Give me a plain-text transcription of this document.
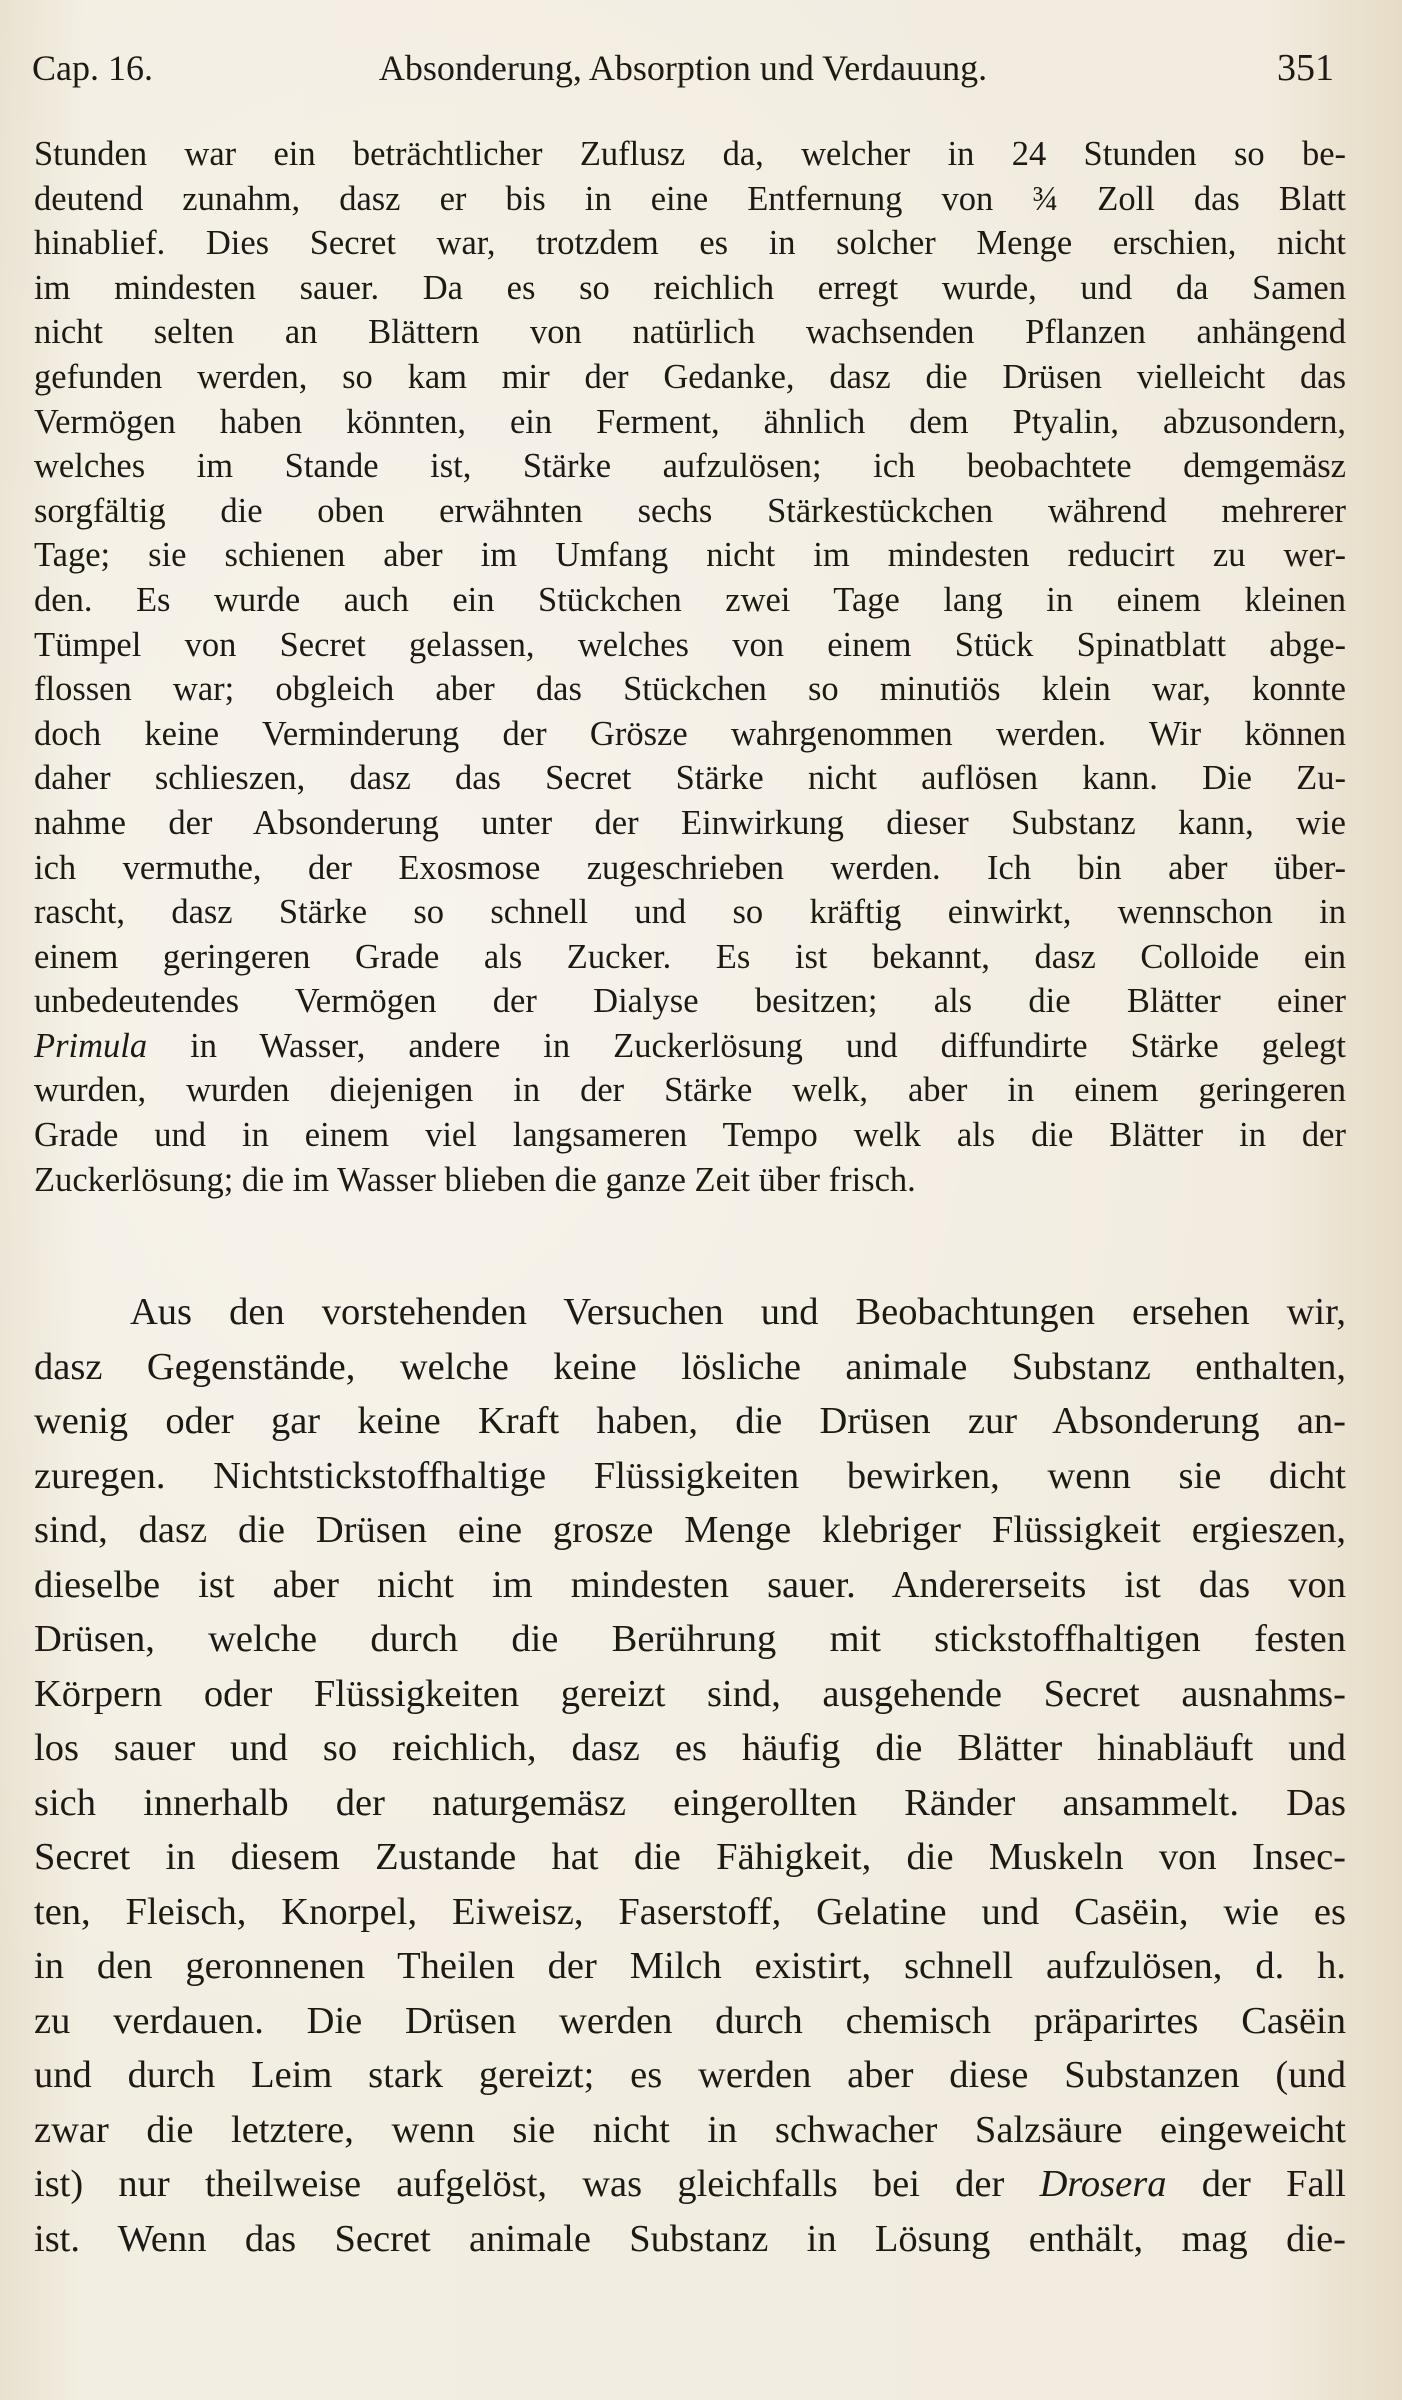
Cap. 16.	Absonderung, Absorption und Verdauung.	351
Stunden war ein beträchtlicher Zuflusz da, welcher in 24 Stunden so be-
deutend zunahm, dasz er bis in eine Entfernung von ¾ Zoll das Blatt
hinablief. Dies Secret war, trotzdem es in solcher Menge erschien, nicht
im mindesten sauer. Da es so reichlich erregt wurde, und da Samen
nicht selten an Blättern von natürlich wachsenden Pflanzen anhängend
gefunden werden, so kam mir der Gedanke, dasz die Drüsen vielleicht das
Vermögen haben könnten, ein Ferment, ähnlich dem Ptyalin, abzusondern,
welches im Stande ist, Stärke aufzulösen; ich beobachtete demgemäsz
sorgfältig die oben erwähnten sechs Stärkestückchen während mehrerer
Tage; sie schienen aber im Umfang nicht im mindesten reducirt zu wer-
den. Es wurde auch ein Stückchen zwei Tage lang in einem kleinen
Tümpel von Secret gelassen, welches von einem Stück Spinatblatt abge-
flossen war; obgleich aber das Stückchen so minutiös klein war, konnte
doch keine Verminderung der Grösze wahrgenommen werden. Wir können
daher schlieszen, dasz das Secret Stärke nicht auflösen kann. Die Zu-
nahme der Absonderung unter der Einwirkung dieser Substanz kann, wie
ich vermuthe, der Exosmose zugeschrieben werden. Ich bin aber über-
rascht, dasz Stärke so schnell und so kräftig einwirkt, wennschon in
einem geringeren Grade als Zucker. Es ist bekannt, dasz Colloide ein
unbedeutendes Vermögen der Dialyse besitzen; als die Blätter einer
Primula in Wasser, andere in Zuckerlösung und diffundirte Stärke gelegt
wurden, wurden diejenigen in der Stärke welk, aber in einem geringeren
Grade und in einem viel langsameren Tempo welk als die Blätter in der
Zuckerlösung; die im Wasser blieben die ganze Zeit über frisch.
Aus den vorstehenden Versuchen und Beobachtungen ersehen wir,
dasz Gegenstände, welche keine lösliche animale Substanz enthalten,
wenig oder gar keine Kraft haben, die Drüsen zur Absonderung an-
zuregen. Nichtstickstoffhaltige Flüssigkeiten bewirken, wenn sie dicht
sind, dasz die Drüsen eine grosze Menge klebriger Flüssigkeit ergieszen,
dieselbe ist aber nicht im mindesten sauer. Andererseits ist das von
Drüsen, welche durch die Berührung mit stickstoffhaltigen festen
Körpern oder Flüssigkeiten gereizt sind, ausgehende Secret ausnahms-
los sauer und so reichlich, dasz es häufig die Blätter hinabläuft und
sich innerhalb der naturgemäsz eingerollten Ränder ansammelt. Das
Secret in diesem Zustande hat die Fähigkeit, die Muskeln von Insec-
ten, Fleisch, Knorpel, Eiweisz, Faserstoff, Gelatine und Casëin, wie es
in den geronnenen Theilen der Milch existirt, schnell aufzulösen, d. h.
zu verdauen. Die Drüsen werden durch chemisch präparirtes Casëin
und durch Leim stark gereizt; es werden aber diese Substanzen (und
zwar die letztere, wenn sie nicht in schwacher Salzsäure eingeweicht
ist) nur theilweise aufgelöst, was gleichfalls bei der Drosera der Fall
ist. Wenn das Secret animale Substanz in Lösung enthält, mag die-
